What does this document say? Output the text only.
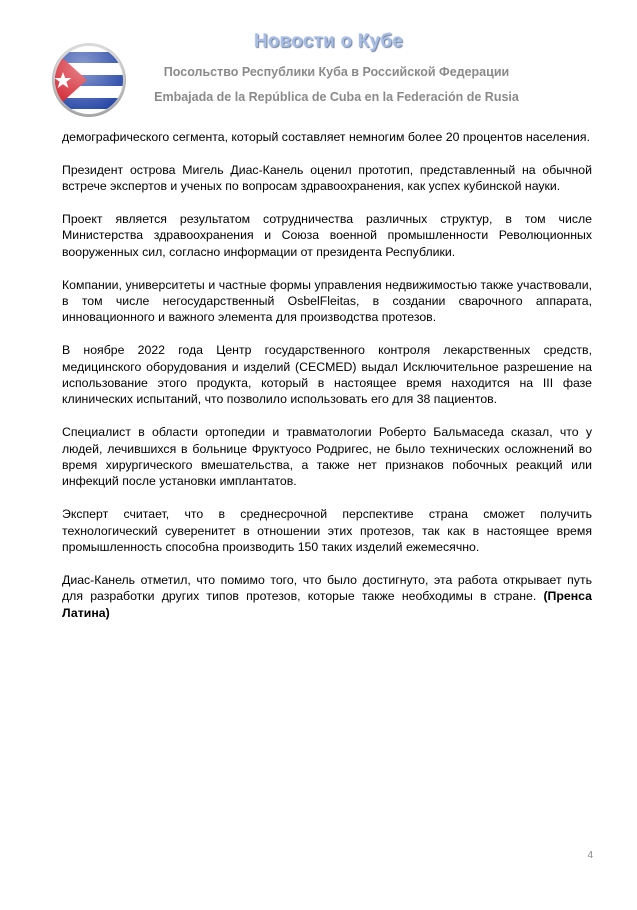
Новости о Кубе
Посольство Республики Куба в Российской Федерации
Embajada de la República de Cuba en la Federación de Rusia

демографического сегмента, который составляет немногим более 20 процентов населения.

Президент острова Мигель Диас-Канель оценил прототип, представленный на обычной встрече экспертов и ученых по вопросам здравоохранения, как успех кубинской науки.

Проект является результатом сотрудничества различных структур, в том числе Министерства здравоохранения и Союза военной промышленности Революционных вооруженных сил, согласно информации от президента Республики.

Компании, университеты и частные формы управления недвижимостью также участвовали, в том числе негосударственный OsbelFleitas, в создании сварочного аппарата, инновационного и важного элемента для производства протезов.

В ноябре 2022 года Центр государственного контроля лекарственных средств, медицинского оборудования и изделий (CECMED) выдал Исключительное разрешение на использование этого продукта, который в настоящее время находится на III фазе клинических испытаний, что позволило использовать его для 38 пациентов.

Специалист в области ортопедии и травматологии Роберто Бальмаседа сказал, что у людей, лечившихся в больнице Фруктуосо Родригес, не было технических осложнений во время хирургического вмешательства, а также нет признаков побочных реакций или инфекций после установки имплантатов.

Эксперт считает, что в среднесрочной перспективе страна сможет получить технологический суверенитет в отношении этих протезов, так как в настоящее время промышленность способна производить 150 таких изделий ежемесячно.

Диас-Канель отметил, что помимо того, что было достигнуто, эта работа открывает путь для разработки других типов протезов, которые также необходимы в стране. (Пренса Латина)

4
